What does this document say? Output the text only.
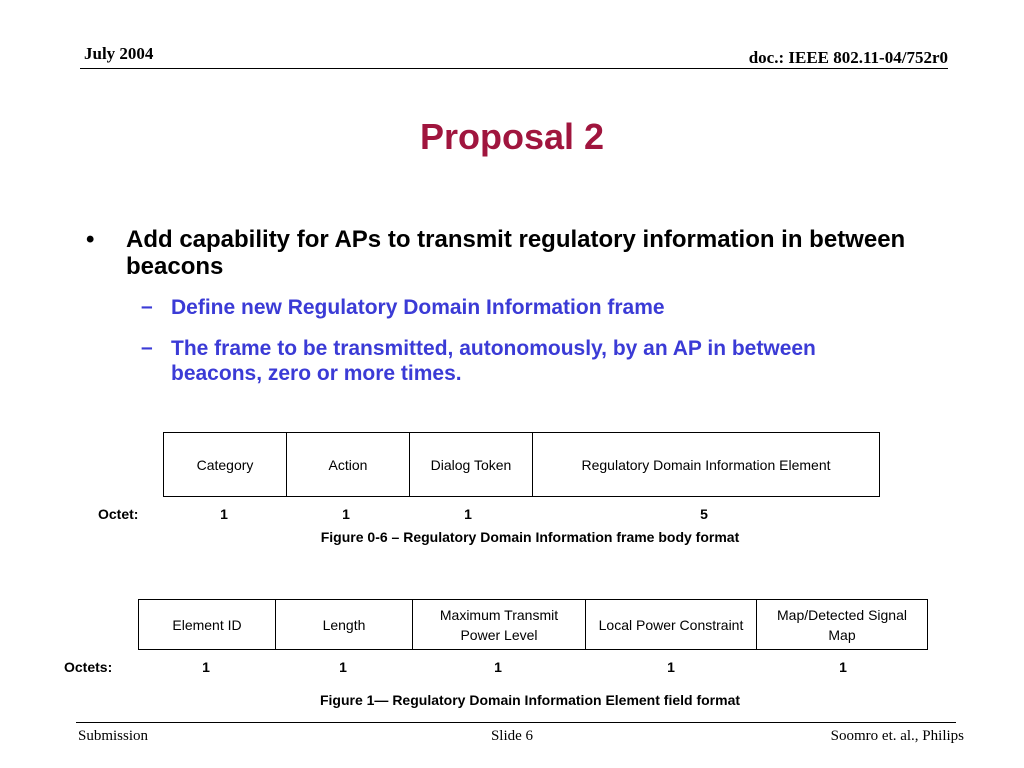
July 2004	doc.: IEEE 802.11-04/752r0
Proposal 2
• Add capability for APs to transmit regulatory information in between beacons
– Define new Regulatory Domain Information frame
– The frame to be transmitted, autonomously, by an AP in between beacons, zero or more times.
Category	Action	Dialog Token	Regulatory Domain Information Element
Octet:	1	1	1	5
Figure 0-6 – Regulatory Domain Information frame body format
Element ID	Length	Maximum Transmit Power Level	Local Power Constraint	Map/Detected Signal Map
Octets:	1	1	1	1	1
Figure 1— Regulatory Domain Information Element field format
Submission	Slide 6	Soomro et. al., Philips
